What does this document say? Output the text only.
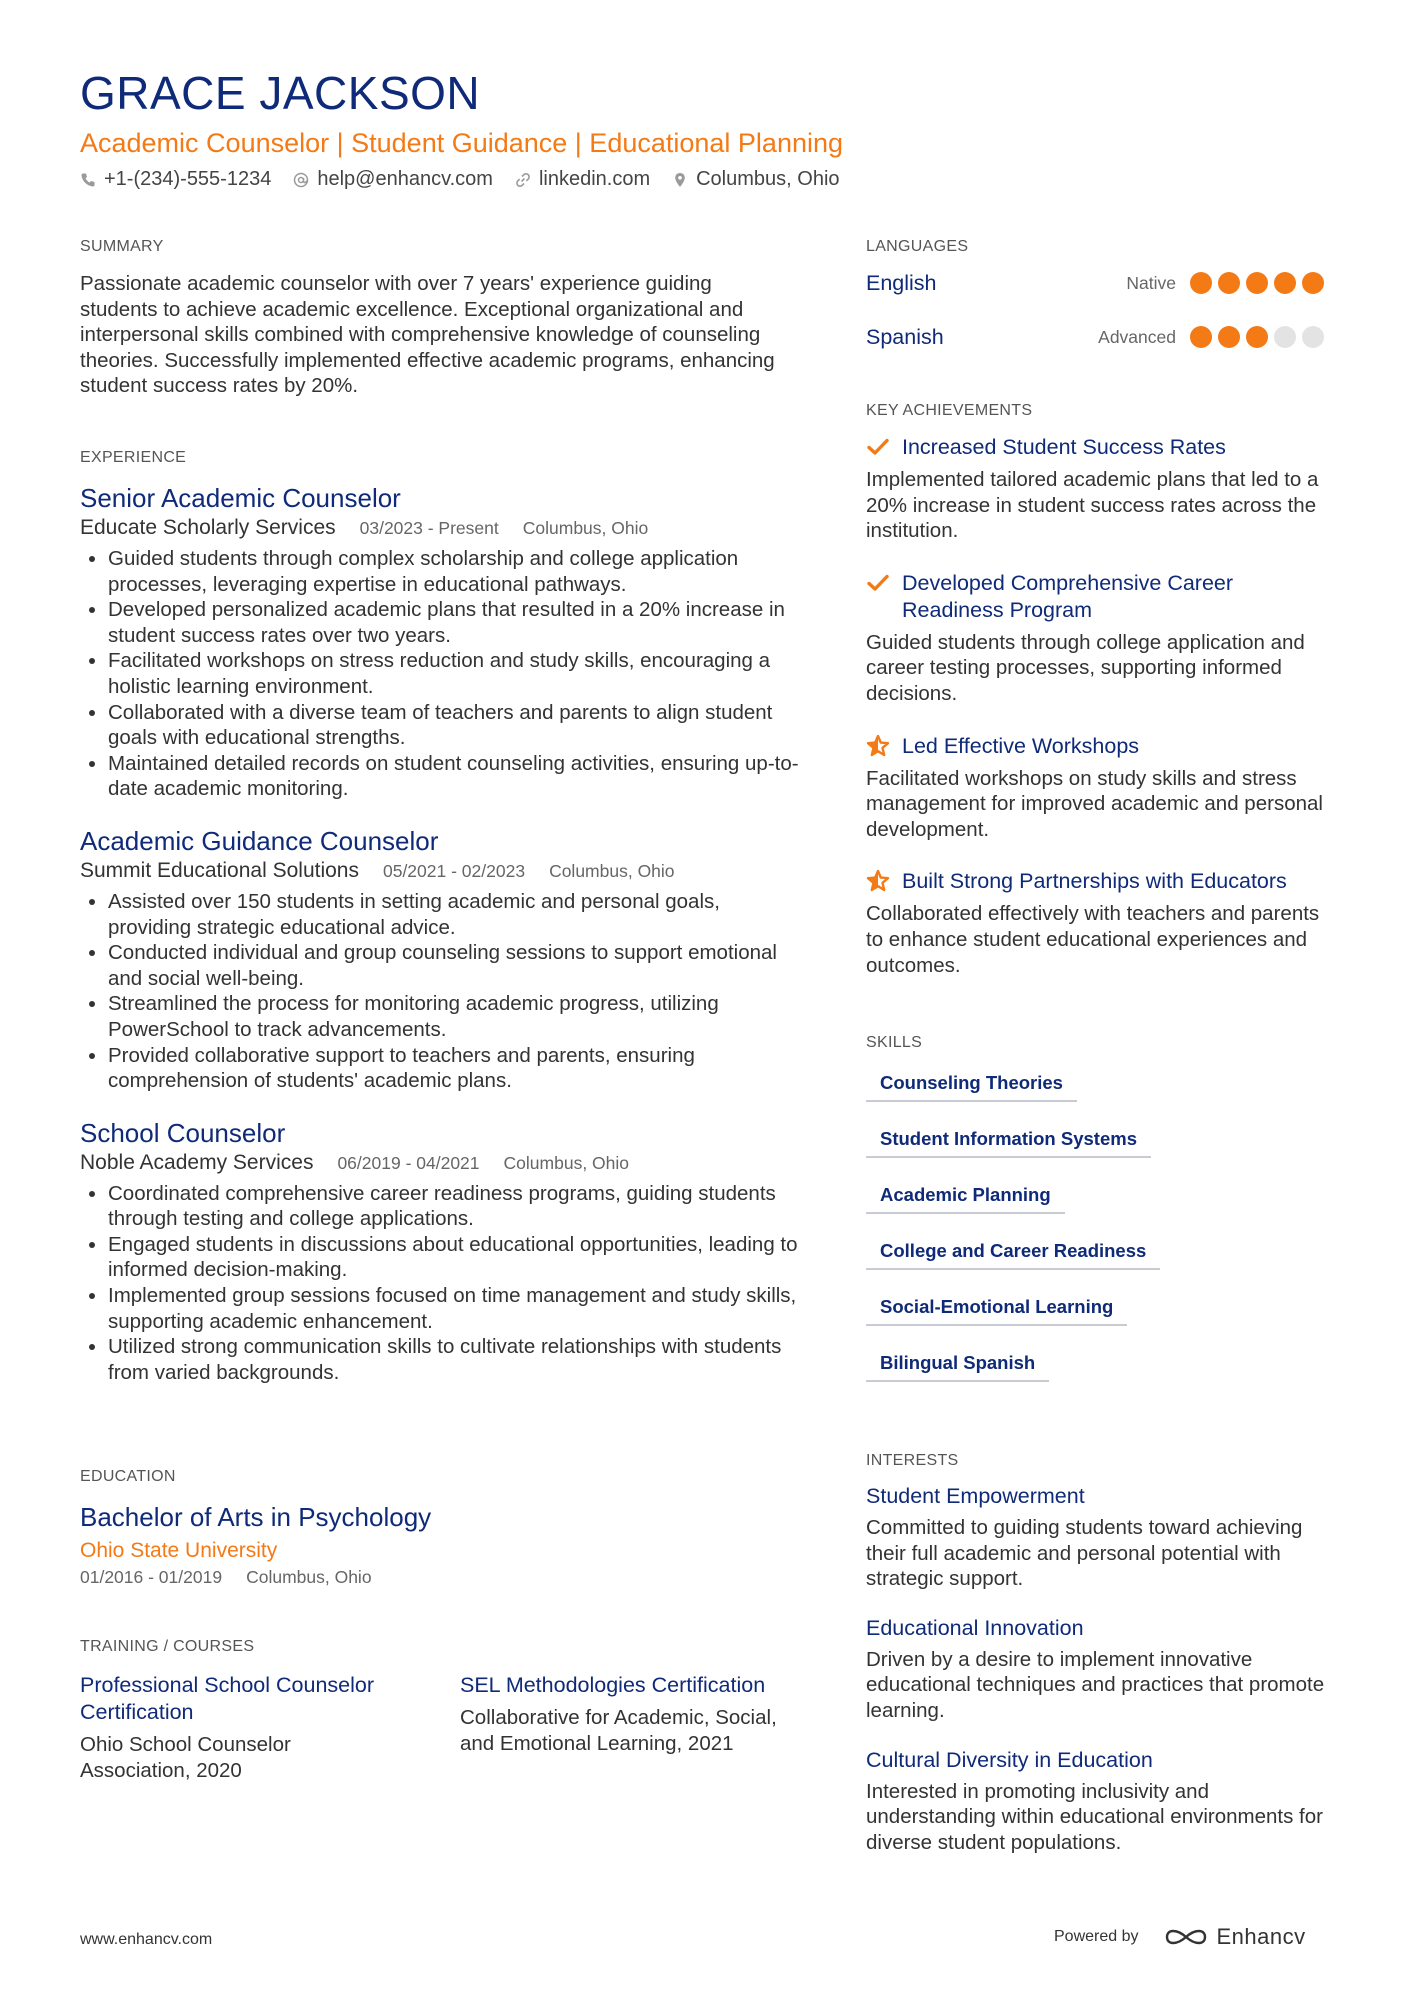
GRACE JACKSON
Academic Counselor | Student Guidance | Educational Planning
+1-(234)-555-1234 help@enhancv.com linkedin.com Columbus, Ohio
SUMMARY
Passionate academic counselor with over 7 years' experience guiding students to achieve academic excellence. Exceptional organizational and interpersonal skills combined with comprehensive knowledge of counseling theories. Successfully implemented effective academic programs, enhancing student success rates by 20%.
EXPERIENCE
Senior Academic Counselor
Educate Scholarly Services 03/2023 - Present Columbus, Ohio
• Guided students through complex scholarship and college application processes, leveraging expertise in educational pathways.
• Developed personalized academic plans that resulted in a 20% increase in student success rates over two years.
• Facilitated workshops on stress reduction and study skills, encouraging a holistic learning environment.
• Collaborated with a diverse team of teachers and parents to align student goals with educational strengths.
• Maintained detailed records on student counseling activities, ensuring up-to-date academic monitoring.
Academic Guidance Counselor
Summit Educational Solutions 05/2021 - 02/2023 Columbus, Ohio
• Assisted over 150 students in setting academic and personal goals, providing strategic educational advice.
• Conducted individual and group counseling sessions to support emotional and social well-being.
• Streamlined the process for monitoring academic progress, utilizing PowerSchool to track advancements.
• Provided collaborative support to teachers and parents, ensuring comprehension of students' academic plans.
School Counselor
Noble Academy Services 06/2019 - 04/2021 Columbus, Ohio
• Coordinated comprehensive career readiness programs, guiding students through testing and college applications.
• Engaged students in discussions about educational opportunities, leading to informed decision-making.
• Implemented group sessions focused on time management and study skills, supporting academic enhancement.
• Utilized strong communication skills to cultivate relationships with students from varied backgrounds.
EDUCATION
Bachelor of Arts in Psychology
Ohio State University
01/2016 - 01/2019 Columbus, Ohio
TRAINING / COURSES
Professional School Counselor Certification
Ohio School Counselor Association, 2020
SEL Methodologies Certification
Collaborative for Academic, Social, and Emotional Learning, 2021
LANGUAGES
English	Native
Spanish	Advanced
KEY ACHIEVEMENTS
Increased Student Success Rates
Implemented tailored academic plans that led to a 20% increase in student success rates across the institution.
Developed Comprehensive Career Readiness Program
Guided students through college application and career testing processes, supporting informed decisions.
Led Effective Workshops
Facilitated workshops on study skills and stress management for improved academic and personal development.
Built Strong Partnerships with Educators
Collaborated effectively with teachers and parents to enhance student educational experiences and outcomes.
SKILLS
Counseling Theories
Student Information Systems
Academic Planning
College and Career Readiness
Social-Emotional Learning
Bilingual Spanish
INTERESTS
Student Empowerment
Committed to guiding students toward achieving their full academic and personal potential with strategic support.
Educational Innovation
Driven by a desire to implement innovative educational techniques and practices that promote learning.
Cultural Diversity in Education
Interested in promoting inclusivity and understanding within educational environments for diverse student populations.
www.enhancv.com	Powered by	Enhancv
